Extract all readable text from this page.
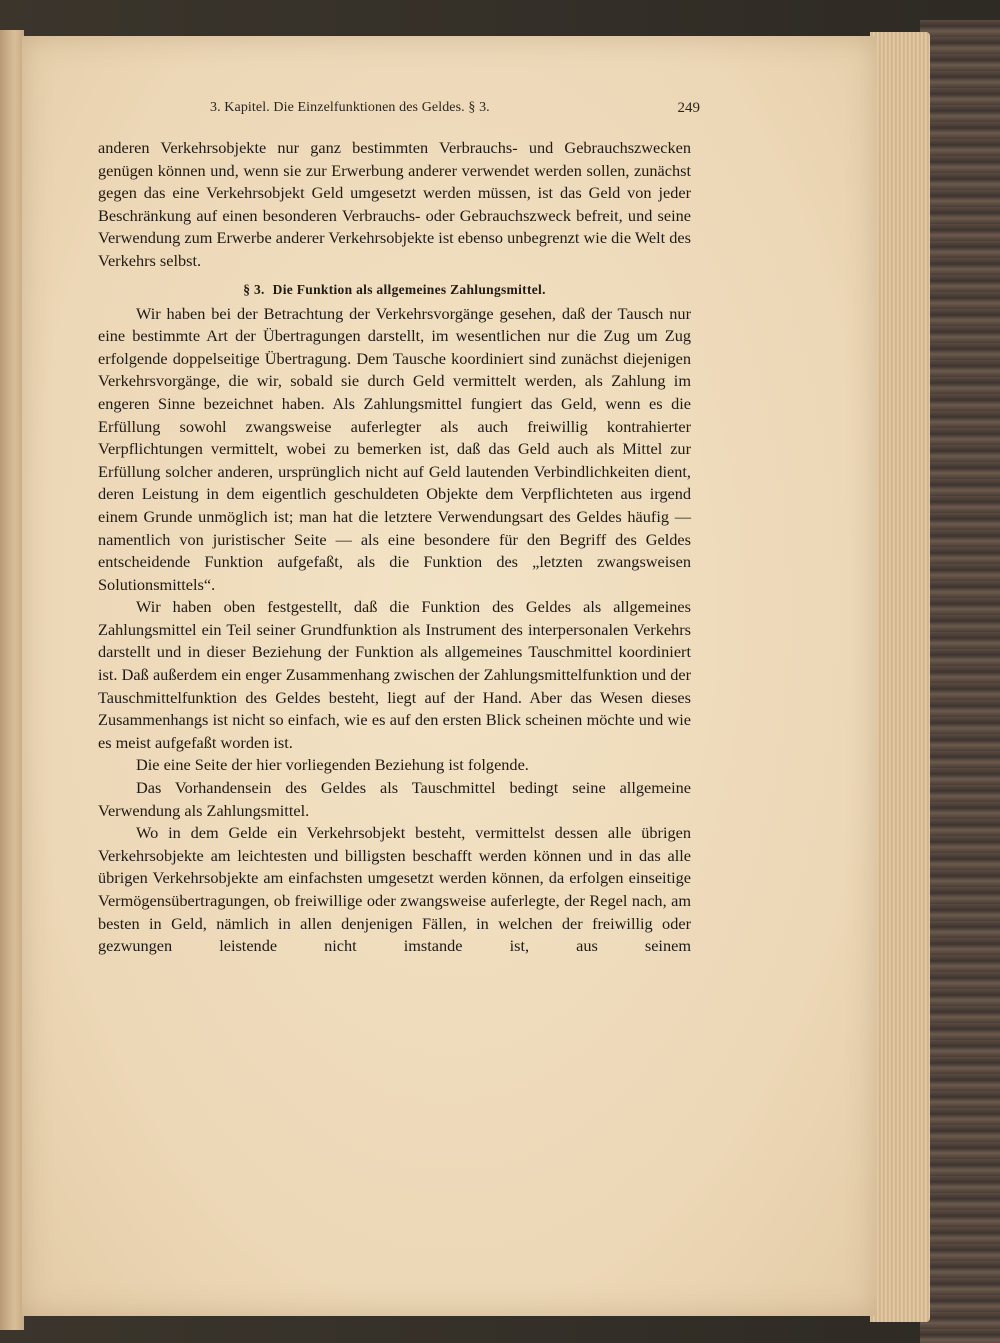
3. Kapitel. Die Einzelfunktionen des Geldes. § 3.	249

anderen Verkehrsobjekte nur ganz bestimmten Verbrauchs- und Gebrauchszwecken genügen können und, wenn sie zur Erwerbung anderer verwendet werden sollen, zunächst gegen das eine Verkehrsobjekt Geld umgesetzt werden müssen, ist das Geld von jeder Beschränkung auf einen besonderen Verbrauchs- oder Gebrauchszweck befreit, und seine Verwendung zum Erwerbe anderer Verkehrsobjekte ist ebenso unbegrenzt wie die Welt des Verkehrs selbst.

§ 3. Die Funktion als allgemeines Zahlungsmittel.

Wir haben bei der Betrachtung der Verkehrsvorgänge gesehen, daß der Tausch nur eine bestimmte Art der Übertragungen darstellt, im wesentlichen nur die Zug um Zug erfolgende doppelseitige Übertragung. Dem Tausche koordiniert sind zunächst diejenigen Verkehrsvorgänge, die wir, sobald sie durch Geld vermittelt werden, als Zahlung im engeren Sinne bezeichnet haben. Als Zahlungsmittel fungiert das Geld, wenn es die Erfüllung sowohl zwangsweise auferlegter als auch freiwillig kontrahierter Verpflichtungen vermittelt, wobei zu bemerken ist, daß das Geld auch als Mittel zur Erfüllung solcher anderen, ursprünglich nicht auf Geld lautenden Verbindlichkeiten dient, deren Leistung in dem eigentlich geschuldeten Objekte dem Verpflichteten aus irgend einem Grunde unmöglich ist; man hat die letztere Verwendungsart des Geldes häufig — namentlich von juristischer Seite — als eine besondere für den Begriff des Geldes entscheidende Funktion aufgefaßt, als die Funktion des „letzten zwangsweisen Solutionsmittels“.

Wir haben oben festgestellt, daß die Funktion des Geldes als allgemeines Zahlungsmittel ein Teil seiner Grundfunktion als Instrument des interpersonalen Verkehrs darstellt und in dieser Beziehung der Funktion als allgemeines Tauschmittel koordiniert ist. Daß außerdem ein enger Zusammenhang zwischen der Zahlungsmittelfunktion und der Tauschmittelfunktion des Geldes besteht, liegt auf der Hand. Aber das Wesen dieses Zusammenhangs ist nicht so einfach, wie es auf den ersten Blick scheinen möchte und wie es meist aufgefaßt worden ist.

Die eine Seite der hier vorliegenden Beziehung ist folgende.

Das Vorhandensein des Geldes als Tauschmittel bedingt seine allgemeine Verwendung als Zahlungsmittel.

Wo in dem Gelde ein Verkehrsobjekt besteht, vermittelst dessen alle übrigen Verkehrsobjekte am leichtesten und billigsten beschafft werden können und in das alle übrigen Verkehrsobjekte am einfachsten umgesetzt werden können, da erfolgen einseitige Vermögensübertragungen, ob freiwillige oder zwangsweise auferlegte, der Regel nach, am besten in Geld, nämlich in allen denjenigen Fällen, in welchen der freiwillig oder gezwungen leistende nicht imstande ist, aus seinem
